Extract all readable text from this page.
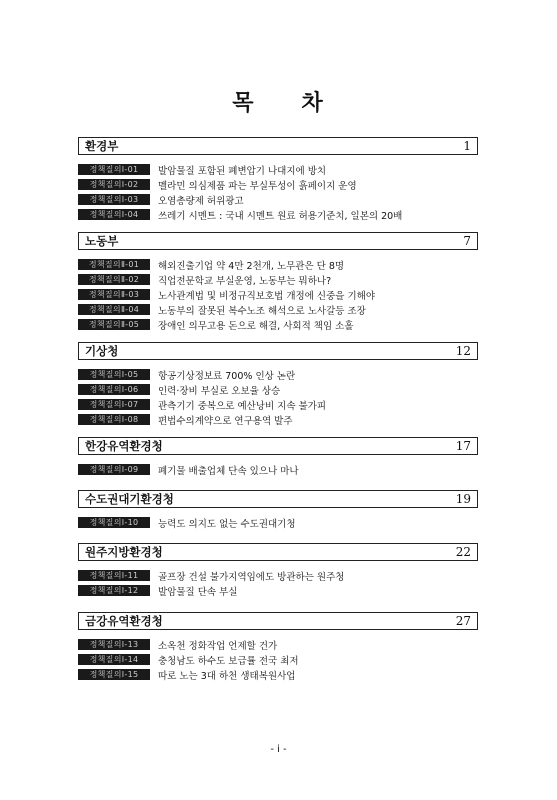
목 차
환경부	1
정책질의Ⅰ-01	발암물질 포함된 폐변압기 나대지에 방치
정책질의Ⅰ-02	멜라민 의심제품 파는 부실투성이 흙페이지 운영
정책질의Ⅰ-03	오염총량제 허위광고
정책질의Ⅰ-04	쓰레기 시멘트 : 국내 시멘트 원료 허용기준치, 일본의 20배
노동부	7
정책질의Ⅱ-01	해외진출기업 약 4만 2천개, 노무관은 단 8명
정책질의Ⅱ-02	직업전문학교 부실운영, 노동부는 뭐하나?
정책질의Ⅱ-03	노사관계법 및 비정규직보호법 개정에 신중을 기해야
정책질의Ⅱ-04	노동부의 잘못된 복수노조 해석으로 노사갈등 조장
정책질의Ⅱ-05	장애인 의무고용 돈으로 해결, 사회적 책임 소홀
기상청	12
정책질의Ⅰ-05	항공기상정보료 700% 인상 논란
정책질의Ⅰ-06	인력·장비 부실로 오보율 상승
정책질의Ⅰ-07	관측기기 중복으로 예산낭비 지속 불가피
정책질의Ⅰ-08	편법수의계약으로 연구용역 발주
한강유역환경청	17
정책질의Ⅰ-09	폐기물 배출업체 단속 있으나 마나
수도권대기환경청	19
정책질의Ⅰ-10	능력도 의지도 없는 수도권대기청
원주지방환경청	22
정책질의Ⅰ-11	골프장 건설 불가지역임에도 방관하는 원주청
정책질의Ⅰ-12	발암물질 단속 부실
금강유역환경청	27
정책질의Ⅰ-13	소옥천 정화작업 언제할 건가
정책질의Ⅰ-14	충청남도 하수도 보급률 전국 최저
정책질의Ⅰ-15	따로 노는 3대 하천 생태복원사업
- i -
